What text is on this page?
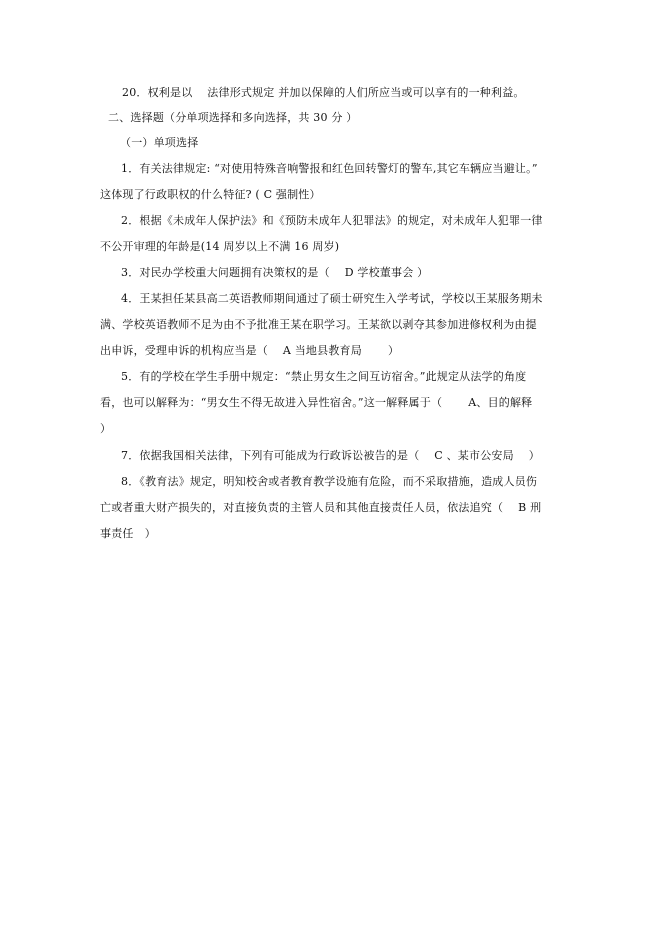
20．权利是以　 法律形式规定 并加以保障的人们所应当或可以享有的一种利益。
二、选择题（分单项选择和多向选择，共 30 分 ）
（一）单项选择
1．有关法律规定: “对使用特殊音响警报和红色回转警灯的警车,其它车辆应当避让。”
这体现了行政职权的什么特征? ( C 强制性）
2．根据《未成年人保护法》和《预防未成年人犯罪法》的规定，对未成年人犯罪一律
不公开审理的年龄是(14 周岁以上不满 16 周岁)
3．对民办学校重大问题拥有决策权的是（　 D 学校董事会 ）
4．王某担任某县高二英语教师期间通过了硕士研究生入学考试，学校以王某服务期未
满、学校英语教师不足为由不予批准王某在职学习。王某欲以剥夺其参加进修权利为由提
出申诉，受理申诉的机构应当是（　 A 当地县教育局　　 ）
5．有的学校在学生手册中规定：“禁止男女生之间互访宿舍。”此规定从法学的角度
看，也可以解释为：“男女生不得无故进入异性宿舍。”这一解释属于（　　 A、目的解释
）
7．依据我国相关法律，下列有可能成为行政诉讼被告的是（　 C 、某市公安局　 ）
8．《教育法》规定，明知校舍或者教育教学设施有危险，而不采取措施，造成人员伤
亡或者重大财产损失的，对直接负责的主管人员和其他直接责任人员，依法追究（　 B 刑
事责任　）
